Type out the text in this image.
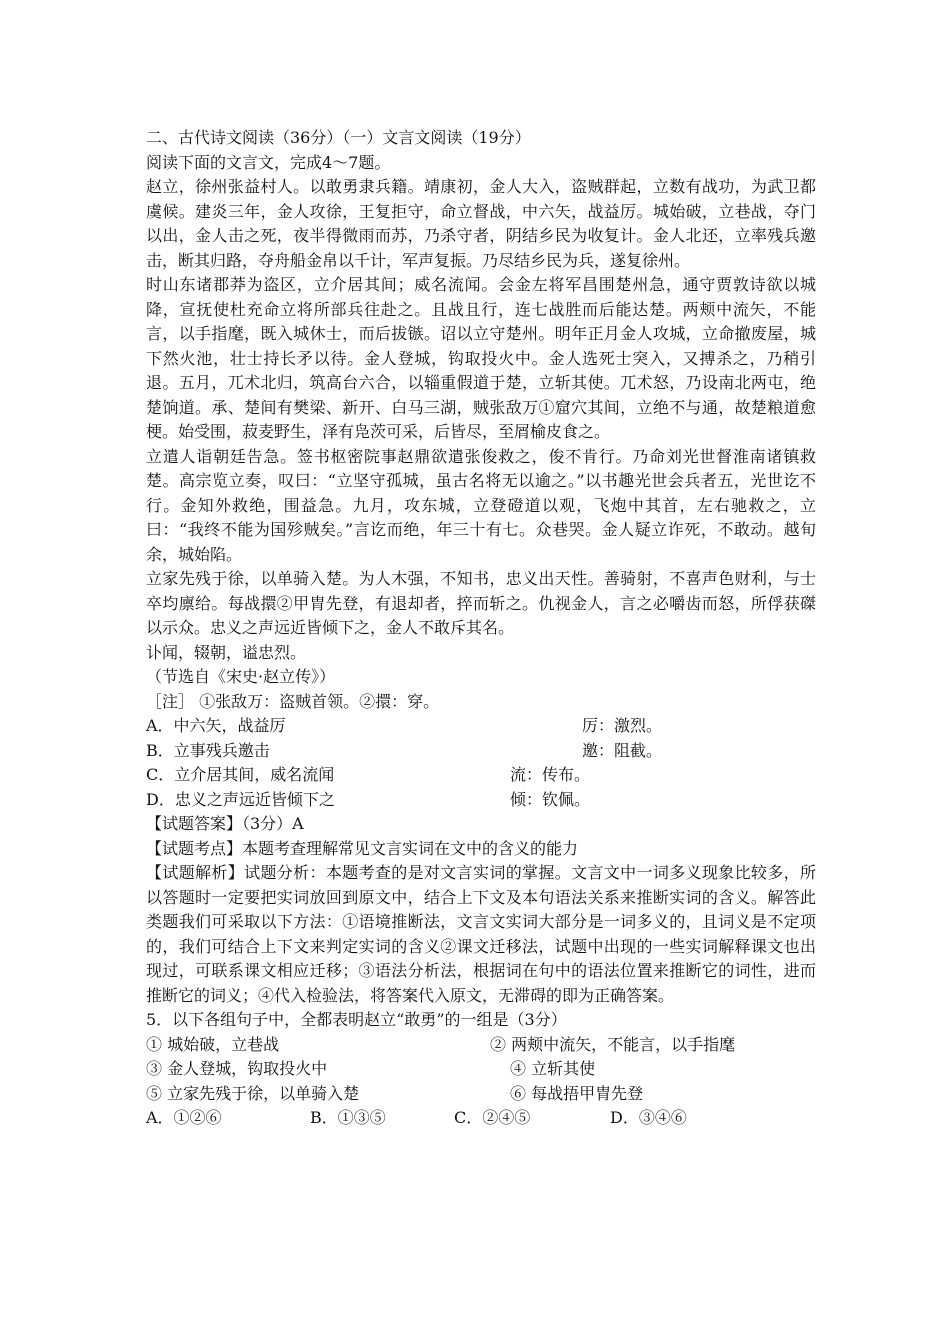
二、古代诗文阅读（36分）（一）文言文阅读（19分）
阅读下面的文言文，完成4～7题。
赵立，徐州张益村人。以敢勇隶兵籍。靖康初，金人大入，盗贼群起，立数有战功，为武卫都虞候。建炎三年，金人攻徐，王复拒守，命立督战，中六矢，战益厉。城始破，立巷战，夺门以出，金人击之死，夜半得微雨而苏，乃杀守者，阴结乡民为收复计。金人北还，立率残兵邀击，断其归路，夺舟船金帛以千计，军声复振。乃尽结乡民为兵，遂复徐州。
时山东诸郡莽为盗区，立介居其间；威名流闻。会金左将军昌围楚州急，通守贾敦诗欲以城降，宣抚使杜充命立将所部兵往赴之。且战且行，连七战胜而后能达楚。两颊中流矢，不能言，以手指麾，既入城休士，而后拔镞。诏以立守楚州。明年正月金人攻城，立命撤废屋，城下然火池，壮士持长矛以待。金人登城，钩取投火中。金人选死士突入，又搏杀之，乃稍引退。五月，兀术北归，筑高台六合，以辎重假道于楚，立斩其使。兀术怒，乃设南北两屯，绝楚饷道。承、楚间有樊梁、新开、白马三湖，贼张敌万①窟穴其间，立绝不与通，故楚粮道愈梗。始受围，菽麦野生，泽有凫茨可采，后皆尽，至屑榆皮食之。
立遣人诣朝廷告急。签书枢密院事赵鼎欲遣张俊救之，俊不肯行。乃命刘光世督淮南诸镇救楚。高宗览立奏，叹曰：“立坚守孤城，虽古名将无以逾之。”以书趣光世会兵者五，光世讫不行。金知外救绝，围益急。九月，攻东城，立登磴道以观，飞炮中其首，左右驰救之，立曰：“我终不能为国殄贼矣。”言讫而绝，年三十有七。众巷哭。金人疑立诈死，不敢动。越旬余，城始陷。
立家先残于徐，以单骑入楚。为人木强，不知书，忠义出天性。善骑射，不喜声色财利，与士卒均廪给。每战擐②甲胄先登，有退却者，捽而斩之。仇视金人，言之必嚼齿而怒，所俘获磔以示众。忠义之声远近皆倾下之，金人不敢斥其名。
讣闻，辍朝，谥忠烈。
（节选自《宋史·赵立传》）
［注］ ①张敌万：盗贼首领。②擐：穿。
A．中六矢，战益厉	厉：激烈。
B．立事残兵邀击	邀：阻截。
C．立介居其间，威名流闻	流：传布。
D．忠义之声远近皆倾下之	倾：钦佩。
【试题答案】（3分）A
【试题考点】本题考查理解常见文言实词在文中的含义的能力
【试题解析】试题分析：本题考查的是对文言实词的掌握。文言文中一词多义现象比较多，所以答题时一定要把实词放回到原文中，结合上下文及本句语法关系来推断实词的含义。解答此类题我们可采取以下方法：①语境推断法，文言文实词大部分是一词多义的，且词义是不定项的，我们可结合上下文来判定实词的含义②课文迁移法，试题中出现的一些实词解释课文也出现过，可联系课文相应迁移；③语法分析法，根据词在句中的语法位置来推断它的词性，进而推断它的词义；④代入检验法，将答案代入原文，无滞碍的即为正确答案。
5．以下各组句子中，全都表明赵立“敢勇”的一组是（3分）
① 城始破，立巷战	② 两颊中流矢，不能言，以手指麾
③ 金人登城，钩取投火中	④ 立斩其使
⑤ 立家先残于徐，以单骑入楚	⑥ 每战捂甲胄先登
A．①②⑥	B．①③⑤	C．②④⑤	D．③④⑥
